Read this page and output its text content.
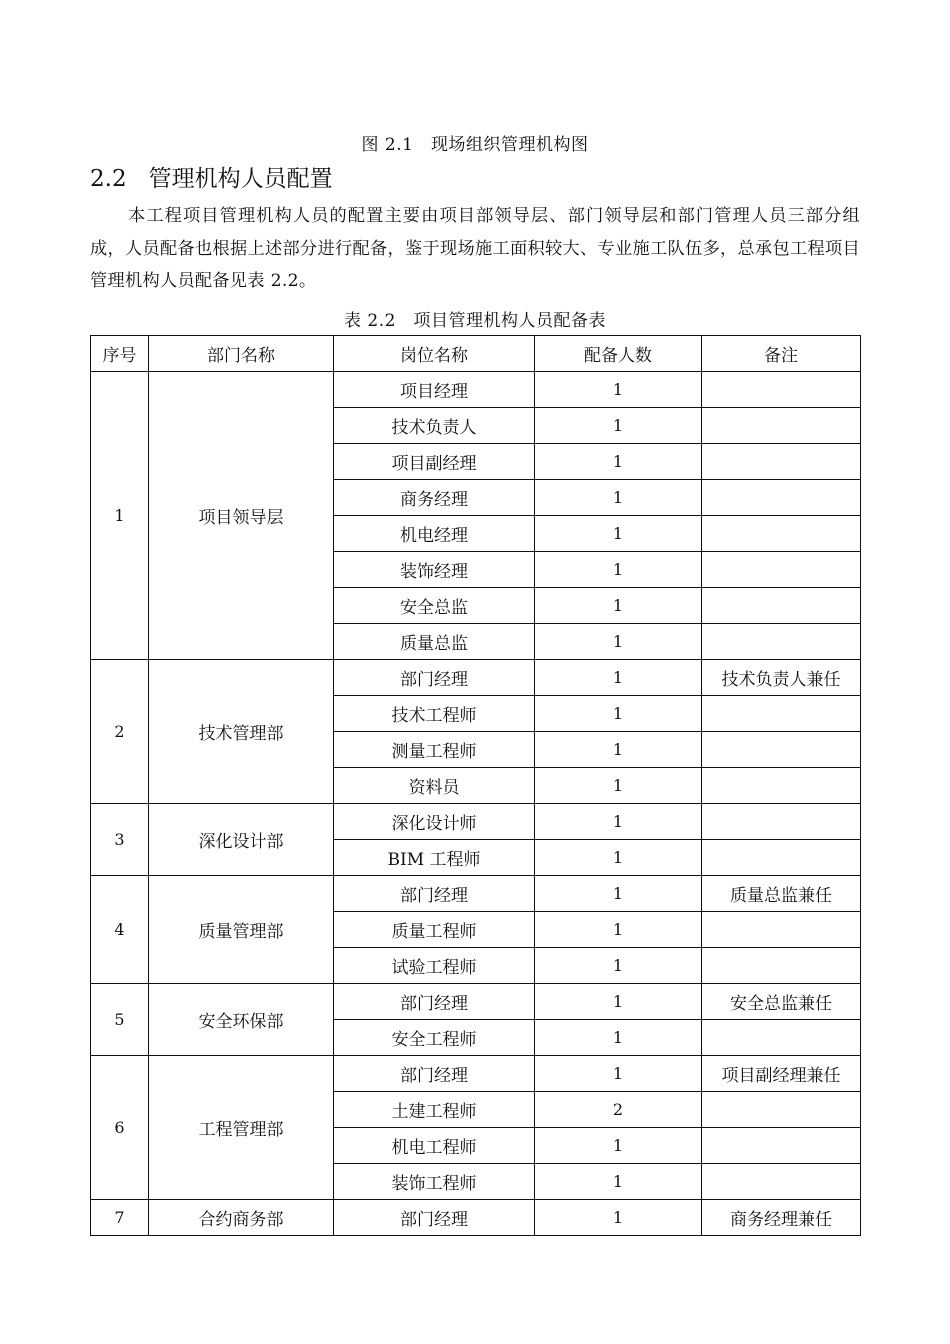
图 2.1　现场组织管理机构图
2.2 管理机构人员配置

本工程项目管理机构人员的配置主要由项目部领导层、部门领导层和部门管理人员三部分组成，人员配备也根据上述部分进行配备，鉴于现场施工面积较大、专业施工队伍多，总承包工程项目管理机构人员配备见表 2.2。

表 2.2　项目管理机构人员配备表
序号	部门名称	岗位名称	配备人数	备注
1	项目领导层	项目经理	1	
		技术负责人	1	
		项目副经理	1	
		商务经理	1	
		机电经理	1	
		装饰经理	1	
		安全总监	1	
		质量总监	1	
2	技术管理部	部门经理	1	技术负责人兼任
		技术工程师	1	
		测量工程师	1	
		资料员	1	
3	深化设计部	深化设计师	1	
		BIM 工程师	1	
4	质量管理部	部门经理	1	质量总监兼任
		质量工程师	1	
		试验工程师	1	
5	安全环保部	部门经理	1	安全总监兼任
		安全工程师	1	
6	工程管理部	部门经理	1	项目副经理兼任
		土建工程师	2	
		机电工程师	1	
		装饰工程师	1	
7	合约商务部	部门经理	1	商务经理兼任
